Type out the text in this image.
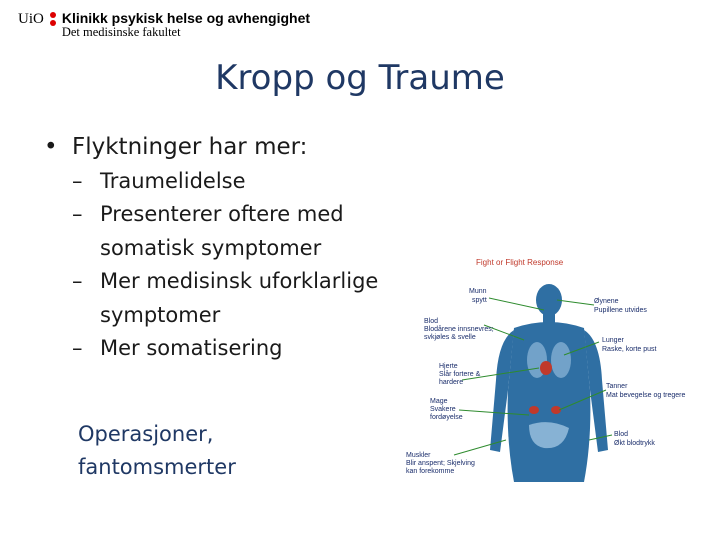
UiO Klinikk psykisk helse og avhengighet
Det medisinske fakultet
Kropp og Traume
• Flyktninger har mer:
– Traumelidelse
– Presenterer oftere med somatisk symptomer
– Mer medisinsk uforklarlige symptomer
– Mer somatisering
Operasjoner, fantomsmerter
Fight or Flight Response
Munn
spytt
Blod
Blodårene innsnevres;
svkjøles & svelle
Hjerte
Slår fortere &
hardere
Mage
Svakere
fordøyelse
Muskler
Blir anspent; Skjelving
kan forekomme
Øynene
Pupillene utvides
Lunger
Raske, korte pust
Tanner
Mat bevegelse og tregere
Blod
Økt blodtrykk
